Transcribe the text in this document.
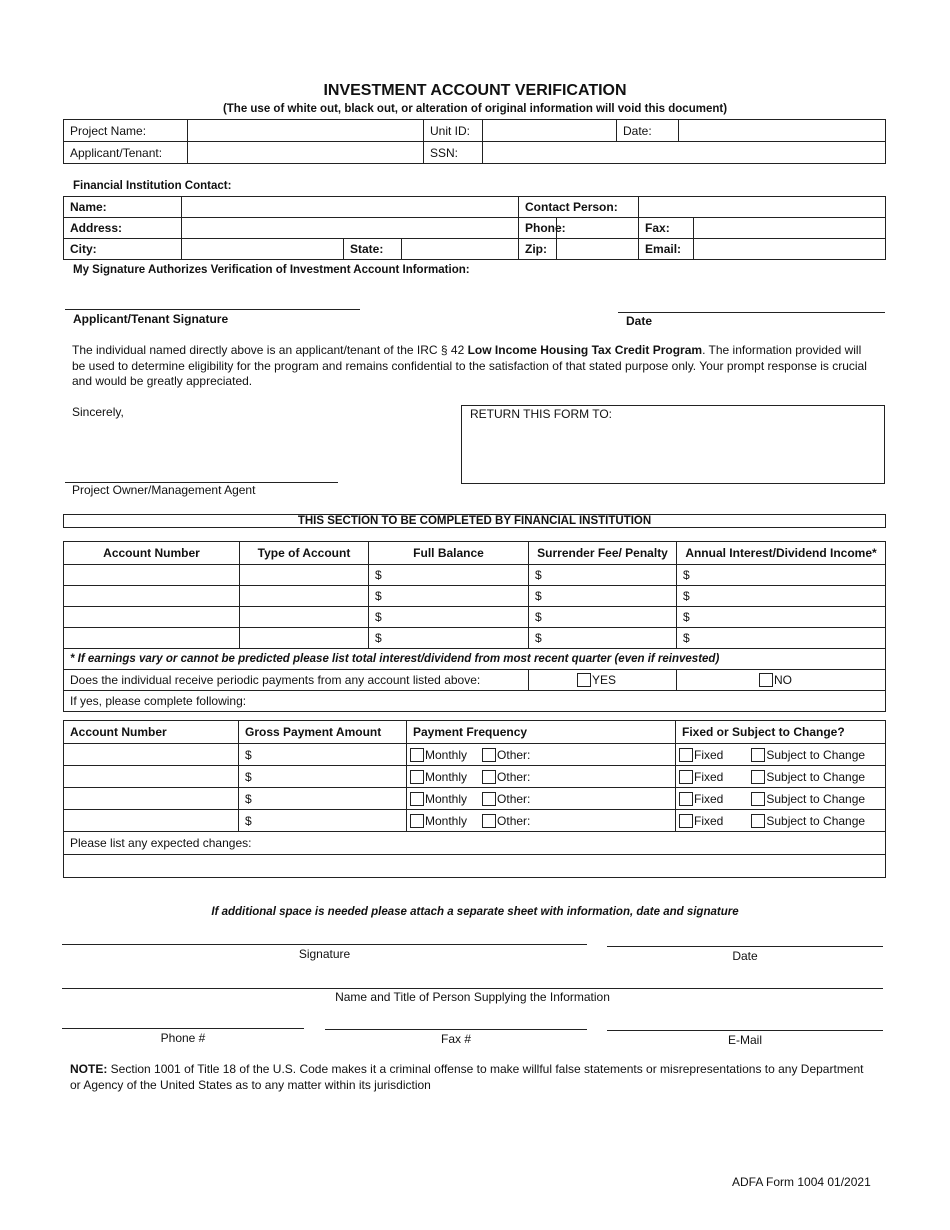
INVESTMENT ACCOUNT VERIFICATION
(The use of white out, black out, or alteration of original information will void this document)
Project Name:		Unit ID:		Date:	
Applicant/Tenant:		SSN:			
Financial Institution Contact:
Name:				Contact Person:			
Address:				Phone:		Fax:	
City:		State:		Zip:		Email:	
My Signature Authorizes Verification of Investment Account Information:
Applicant/Tenant Signature	Date
The individual named directly above is an applicant/tenant of the IRC § 42 Low Income Housing Tax Credit Program. The information provided will be used to determine eligibility for the program and remains confidential to the satisfaction of that stated purpose only. Your prompt response is crucial and would be greatly appreciated.
Sincerely,	RETURN THIS FORM TO:
Project Owner/Management Agent
THIS SECTION TO BE COMPLETED BY FINANCIAL INSTITUTION
Account Number	Type of Account	Full Balance	Surrender Fee/ Penalty	Annual Interest/Dividend Income*
		$	$	$
		$	$	$
		$	$	$
		$	$	$
* If earnings vary or cannot be predicted please list total interest/dividend from most recent quarter (even if reinvested)				
Does the individual receive periodic payments from any account listed above:			YES	NO
If yes, please complete following:				
Account Number	Gross Payment Amount	Payment Frequency	Fixed or Subject to Change?
	$	Monthly Other:	Fixed Subject to Change
	$	Monthly Other:	Fixed Subject to Change
	$	Monthly Other:	Fixed Subject to Change
	$	Monthly Other:	Fixed Subject to Change
Please list any expected changes:			

If additional space is needed please attach a separate sheet with information, date and signature
Signature	Date
Name and Title of Person Supplying the Information
Phone #	Fax #	E-Mail
NOTE: Section 1001 of Title 18 of the U.S. Code makes it a criminal offense to make willful false statements or misrepresentations to any Department or Agency of the United States as to any matter within its jurisdiction
ADFA Form 1004 01/2021
